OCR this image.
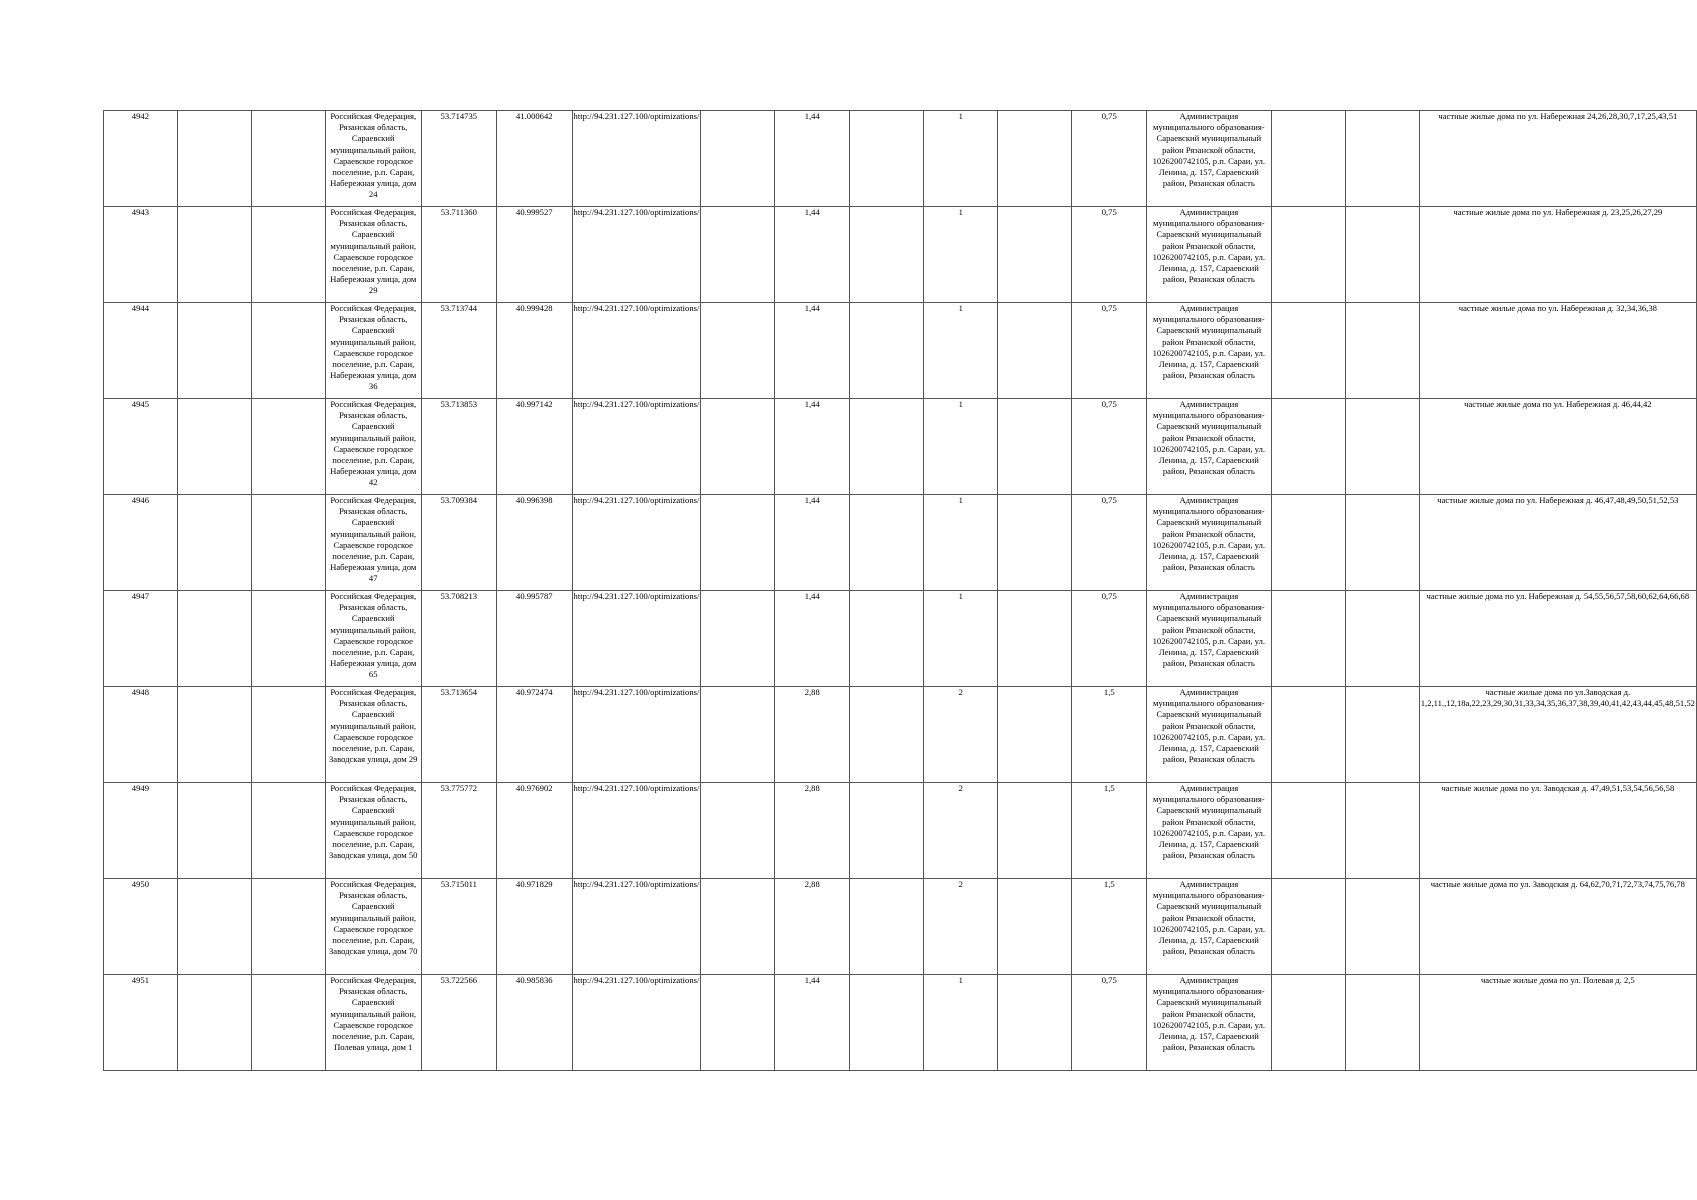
4942			Российская Федерация, Рязанская область, Сараевский муниципальный район, Сараевское городское поселение, р.п. Сараи, Набережная улица, дом 24	53.714735	41.000642	http://94.231.127.100/optimizations/		1,44		1		0,75	Администрация муниципального образования-Сараевский муниципальный район Рязанской области, 1026200742105, р.п. Сараи, ул. Ленина, д. 157, Сараевский район, Рязанская область			частные жилые дома по ул. Набережная 24,26,28,30,7,17,25,43,51
4943			Российская Федерация, Рязанская область, Сараевский муниципальный район, Сараевское городское поселение, р.п. Сараи, Набережная улица, дом 29	53.711360	40.999527	http://94.231.127.100/optimizations/		1,44		1		0,75	Администрация муниципального образования-Сараевский муниципальный район Рязанской области, 1026200742105, р.п. Сараи, ул. Ленина, д. 157, Сараевский район, Рязанская область			частные жилые дома по ул. Набережная д. 23,25,26,27,29
4944			Российская Федерация, Рязанская область, Сараевский муниципальный район, Сараевское городское поселение, р.п. Сараи, Набережная улица, дом 36	53.713744	40.999428	http://94.231.127.100/optimizations/		1,44		1		0,75	Администрация муниципального образования-Сараевский муниципальный район Рязанской области, 1026200742105, р.п. Сараи, ул. Ленина, д. 157, Сараевский район, Рязанская область			частные жилые дома по ул. Набережная д. 32,34,36,38
4945			Российская Федерация, Рязанская область, Сараевский муниципальный район, Сараевское городское поселение, р.п. Сараи, Набережная улица, дом 42	53.713853	40.997142	http://94.231.127.100/optimizations/		1,44		1		0,75	Администрация муниципального образования-Сараевский муниципальный район Рязанской области, 1026200742105, р.п. Сараи, ул. Ленина, д. 157, Сараевский район, Рязанская область			частные жилые дома по ул. Набережная д. 46,44,42
4946			Российская Федерация, Рязанская область, Сараевский муниципальный район, Сараевское городское поселение, р.п. Сараи, Набережная улица, дом 47	53.709384	40.996398	http://94.231.127.100/optimizations/		1,44		1		0,75	Администрация муниципального образования-Сараевский муниципальный район Рязанской области, 1026200742105, р.п. Сараи, ул. Ленина, д. 157, Сараевский район, Рязанская область			частные жилые дома по ул. Набережная д. 46,47,48,49,50,51,52,53
4947			Российская Федерация, Рязанская область, Сараевский муниципальный район, Сараевское городское поселение, р.п. Сараи, Набережная улица, дом 65	53.708213	40.995787	http://94.231.127.100/optimizations/		1,44		1		0,75	Администрация муниципального образования-Сараевский муниципальный район Рязанской области, 1026200742105, р.п. Сараи, ул. Ленина, д. 157, Сараевский район, Рязанская область			частные жилые дома по ул. Набережная д. 54,55,56,57,58,60,62,64,66,68
4948			Российская Федерация, Рязанская область, Сараевский муниципальный район, Сараевское городское поселение, р.п. Сараи, Заводская улица, дом 29	53.713654	40.972474	http://94.231.127.100/optimizations/		2,88		2		1,5	Администрация муниципального образования-Сараевский муниципальный район Рязанской области, 1026200742105, р.п. Сараи, ул. Ленина, д. 157, Сараевский район, Рязанская область			частные жилые дома по ул.Заводская д. 1,2,11.,12,18а,22,23,29,30,31,33,34,35,36,37,38,39,40,41,42,43,44,45,48,51,52
4949			Российская Федерация, Рязанская область, Сараевский муниципальный район, Сараевское городское поселение, р.п. Сараи, Заводская улица, дом 50	53.775772	40.976902	http://94.231.127.100/optimizations/		2,88		2		1,5	Администрация муниципального образования-Сараевский муниципальный район Рязанской области, 1026200742105, р.п. Сараи, ул. Ленина, д. 157, Сараевский район, Рязанская область			частные жилые дома по ул. Заводская д. 47,49,51,53,54,56,56,58
4950			Российская Федерация, Рязанская область, Сараевский муниципальный район, Сараевское городское поселение, р.п. Сараи, Заводская улица, дом 70	53.715011	40.971829	http://94.231.127.100/optimizations/		2,88		2		1,5	Администрация муниципального образования-Сараевский муниципальный район Рязанской области, 1026200742105, р.п. Сараи, ул. Ленина, д. 157, Сараевский район, Рязанская область			частные жилые дома по ул. Заводская д. 64,62,70,71,72,73,74,75,76,78
4951			Российская Федерация, Рязанская область, Сараевский муниципальный район, Сараевское городское поселение, р.п. Сараи, Полевая улица, дом 1	53.722566	40.985836	http://94.231.127.100/optimizations/		1,44		1		0,75	Администрация муниципального образования-Сараевский муниципальный район Рязанской области, 1026200742105, р.п. Сараи, ул. Ленина, д. 157, Сараевский район, Рязанская область			частные жилые дома по ул. Полевая д. 2,5
